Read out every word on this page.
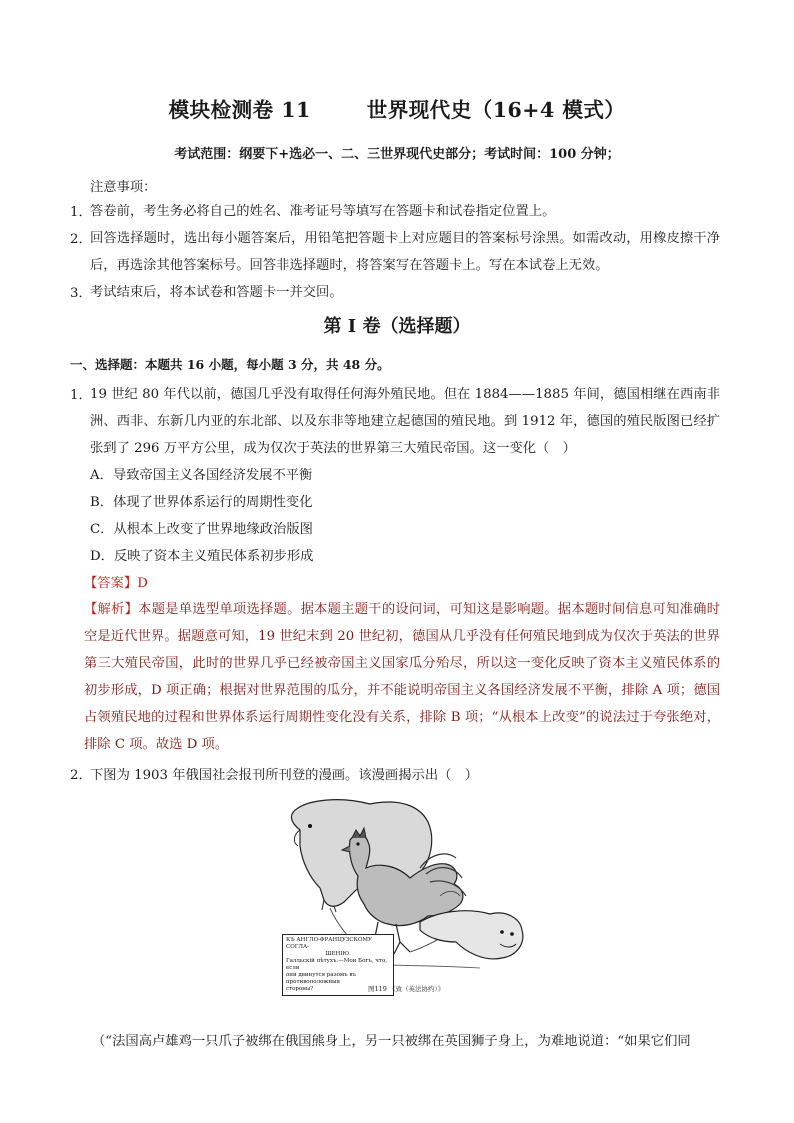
模块检测卷 11	世界现代史（16+4 模式）
考试范围：纲要下+选必一、二、三世界现代史部分；考试时间：100 分钟；
注意事项：
1．
答卷前，考生务必将自己的姓名、准考证号等填写在答题卡和试卷指定位置上。
2．
回答选择题时，选出每小题答案后，用铅笔把答题卡上对应题目的答案标号涂黑。如需改动，用橡皮擦干净后，再选涂其他答案标号。回答非选择题时，将答案写在答题卡上。写在本试卷上无效。
3．
考试结束后，将本试卷和答题卡一并交回。
第 I 卷（选择题）
一、选择题：本题共 16 小题，每小题 3 分，共 48 分。
1．
19 世纪 80 年代以前，德国几乎没有取得任何海外殖民地。但在 1884——1885 年间，德国相继在西南非洲、西非、东新几内亚的东北部、以及东非等地建立起德国的殖民地。到 1912 年，德国的殖民版图已经扩张到了 296 万平方公里，成为仅次于英法的世界第三大殖民帝国。这一变化（　）
A．导致帝国主义各国经济发展不平衡
B．体现了世界体系运行的周期性变化
C．从根本上改变了世界地缘政治版图
D．反映了资本主义殖民体系初步形成
【答案】D
【解析】本题是单选型单项选择题。据本题主题干的设问词，可知这是影响题。据本题时间信息可知准确时空是近代世界。据题意可知，19 世纪末到 20 世纪初，德国从几乎没有任何殖民地到成为仅次于英法的世界第三大殖民帝国，此时的世界几乎已经被帝国主义国家瓜分殆尽，所以这一变化反映了资本主义殖民体系的初步形成，D 项正确；根据对世界范围的瓜分，并不能说明帝国主义各国经济发展不平衡，排除 A 项；德国占领殖民地的过程和世界体系运行周期性变化没有关系，排除 B 项；“从根本上改变”的说法过于夸张绝对，排除 C 项。故选 D 项。
2．
下图为 1903 年俄国社会报刊所刊登的漫画。该漫画揭示出（　）
КЪ АНГЛО-ФРАНЦУЗСКОМУ СОГЛА-
ШЕНІЮ.
Галльскій пѣтухъ.—Мои Богъ, что, если
они двинутся разомъ въ противоположныя
стороны?	图119 《致（英法协约）》
（“法国高卢雄鸡一只爪子被绑在俄国熊身上，另一只被绑在英国狮子身上，为难地说道：“如果它们同
